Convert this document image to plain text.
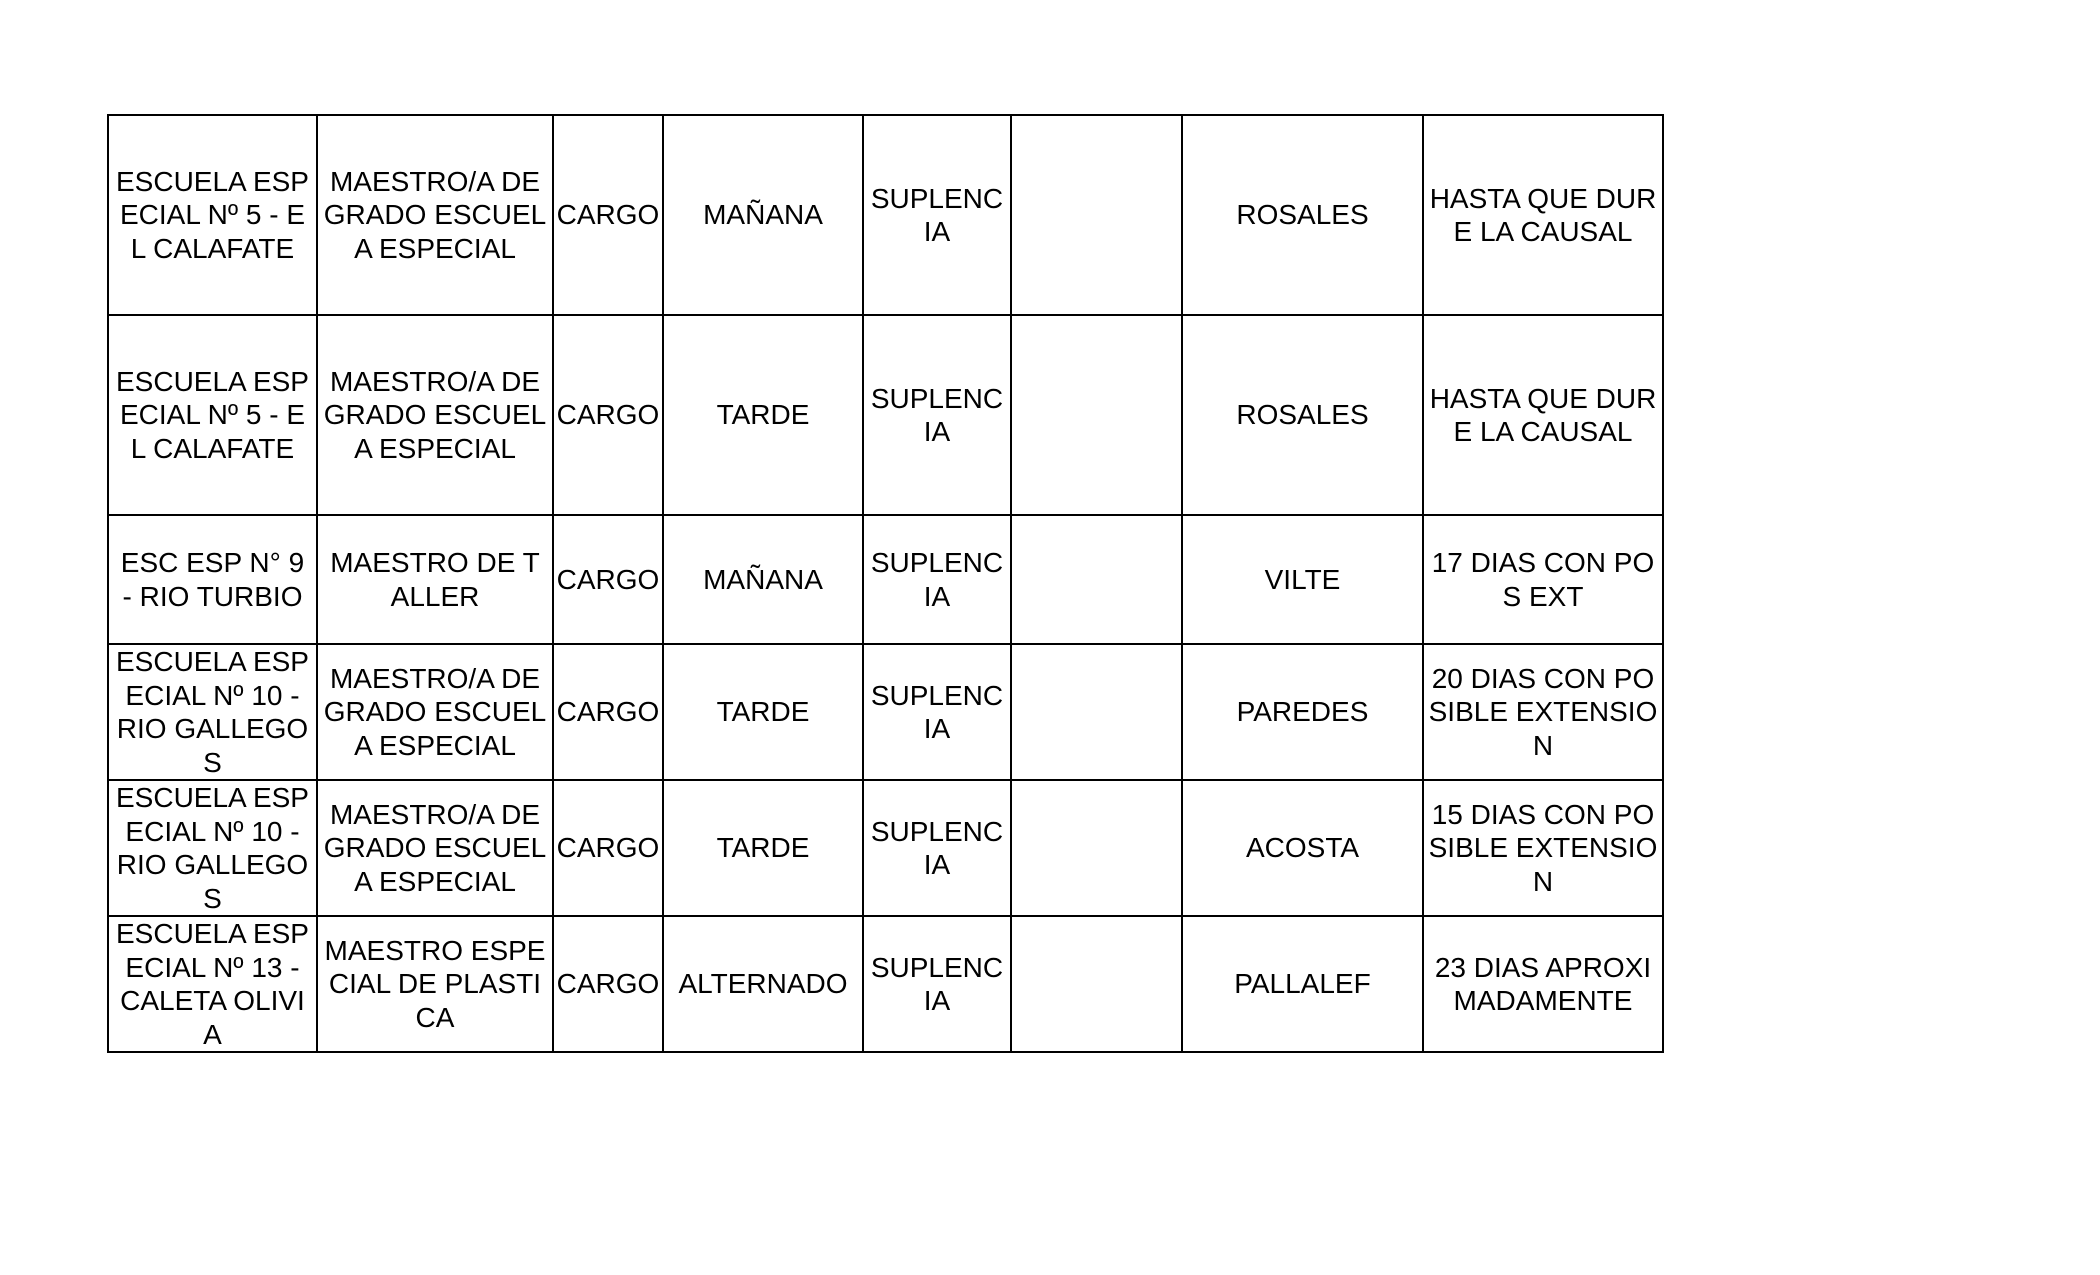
ESCUELA ESPECIAL Nº 5 - EL CALAFATE	MAESTRO/A DE GRADO ESCUELA ESPECIAL	CARGO	MAÑANA	SUPLENCIA		ROSALES	HASTA QUE DURE LA CAUSAL
ESCUELA ESPECIAL Nº 5 - EL CALAFATE	MAESTRO/A DE GRADO ESCUELA ESPECIAL	CARGO	TARDE	SUPLENCIA		ROSALES	HASTA QUE DURE LA CAUSAL
ESC ESP N° 9 - RIO TURBIO	MAESTRO DE TALLER	CARGO	MAÑANA	SUPLENCIA		VILTE	17 DIAS CON POS EXT
ESCUELA ESPECIAL Nº 10 - RIO GALLEGOS	MAESTRO/A DE GRADO ESCUELA ESPECIAL	CARGO	TARDE	SUPLENCIA		PAREDES	20 DIAS CON POSIBLE EXTENSION
ESCUELA ESPECIAL Nº 10 - RIO GALLEGOS	MAESTRO/A DE GRADO ESCUELA ESPECIAL	CARGO	TARDE	SUPLENCIA		ACOSTA	15 DIAS CON POSIBLE EXTENSION
ESCUELA ESPECIAL Nº 13 - CALETA OLIVIA	MAESTRO ESPECIAL DE PLASTICA	CARGO	ALTERNADO	SUPLENCIA		PALLALEF	23 DIAS APROXIMADAMENTE
